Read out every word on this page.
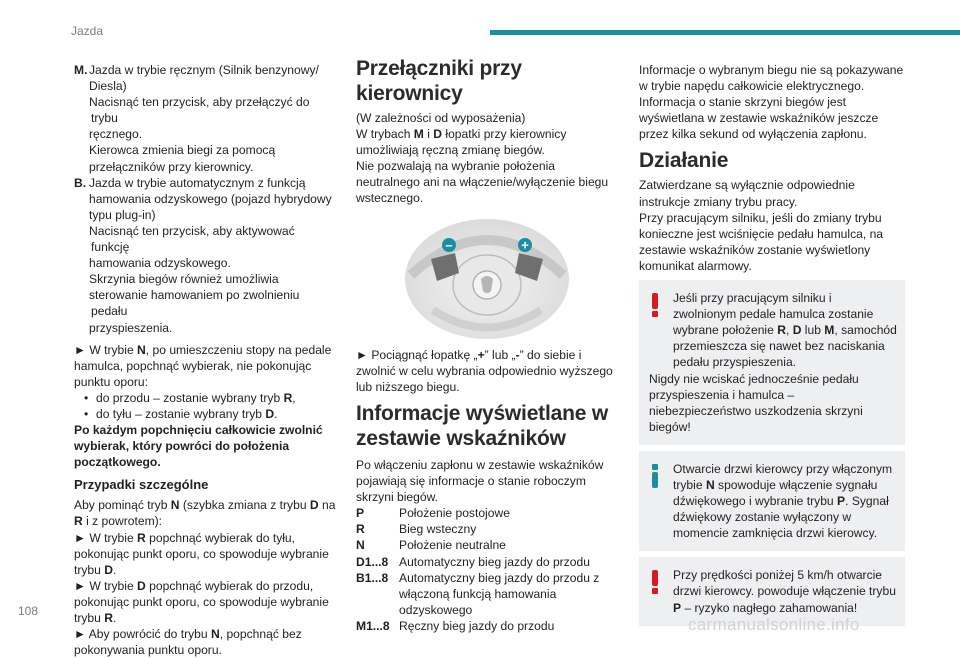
Jazda
M. Jazda w trybie ręcznym (Silnik benzynowy/

Diesla)

Nacisnąć ten przycisk, aby przełączyć do trybu

ręcznego.

Kierowca zmienia biegi za pomocą

przełączników przy kierownicy.

B. Jazda w trybie automatycznym z funkcją

hamowania odzyskowego (pojazd hybrydowy

typu plug-in)

Nacisnąć ten przycisk, aby aktywować funkcję

hamowania odzyskowego.

Skrzynia biegów również umożliwia

sterowanie hamowaniem po zwolnieniu pedału

przyspieszenia.

► W trybie N, po umieszczeniu stopy na pedale hamulca, popchnąć wybierak, nie pokonując punktu oporu:

• do przodu – zostanie wybrany tryb R,
• do tyłu – zostanie wybrany tryb D.

Po każdym popchnięciu całkowicie zwolnić wybierak, który powróci do położenia początkowego.

Przypadki szczególne

Aby pominąć tryb N (szybka zmiana z trybu D na R i z powrotem):

► W trybie R popchnąć wybierak do tyłu, pokonując punkt oporu, co spowoduje wybranie trybu D.

► W trybie D popchnąć wybierak do przodu, pokonując punkt oporu, co spowoduje wybranie trybu R.

► Aby powrócić do trybu N, popchnąć bez pokonywania punktu oporu.

Przełączniki przy kierownicy

(W zależności od wyposażenia)

W trybach M i D łopatki przy kierownicy umożliwiają ręczną zmianę biegów.

Nie pozwalają na wybranie położenia neutralnego ani na włączenie/wyłączenie biegu wstecznego.

–	+

► Pociągnąć łopatkę „+” lub „-” do siebie i zwolnić w celu wybrania odpowiednio wyższego lub niższego biegu.

Informacje wyświetlane w zestawie wskaźników

Po włączeniu zapłonu w zestawie wskaźników pojawiają się informacje o stanie roboczym skrzyni biegów.

P	Położenie postojowe
R	Bieg wsteczny
N	Położenie neutralne
D1...8 Automatyczny bieg jazdy do przodu
B1...8 Automatyczny bieg jazdy do przodu z włączoną funkcją hamowania odzyskowego
M1...8 Ręczny bieg jazdy do przodu

Informacje o wybranym biegu nie są pokazywane w trybie napędu całkowicie elektrycznego.

Informacja o stanie skrzyni biegów jest wyświetlana w zestawie wskaźników jeszcze przez kilka sekund od wyłączenia zapłonu.

Działanie

Zatwierdzane są wyłącznie odpowiednie instrukcje zmiany trybu pracy.

Przy pracującym silniku, jeśli do zmiany trybu konieczne jest wciśnięcie pedału hamulca, na zestawie wskaźników zostanie wyświetlony komunikat alarmowy.

Jeśli przy pracującym silniku i zwolnionym pedale hamulca zostanie wybrane położenie R, D lub M, samochód przemieszcza się nawet bez naciskania pedału przyspieszenia.

Nigdy nie wciskać jednocześnie pedału przyspieszenia i hamulca – niebezpieczeństwo uszkodzenia skrzyni biegów!

Otwarcie drzwi kierowcy przy włączonym trybie N spowoduje włączenie sygnału dźwiękowego i wybranie trybu P. Sygnał dźwiękowy zostanie wyłączony w momencie zamknięcia drzwi kierowcy.

Przy prędkości poniżej 5 km/h otwarcie drzwi kierowcy. powoduje włączenie trybu P – ryzyko nagłego zahamowania!

108
carmanualsonline.info
